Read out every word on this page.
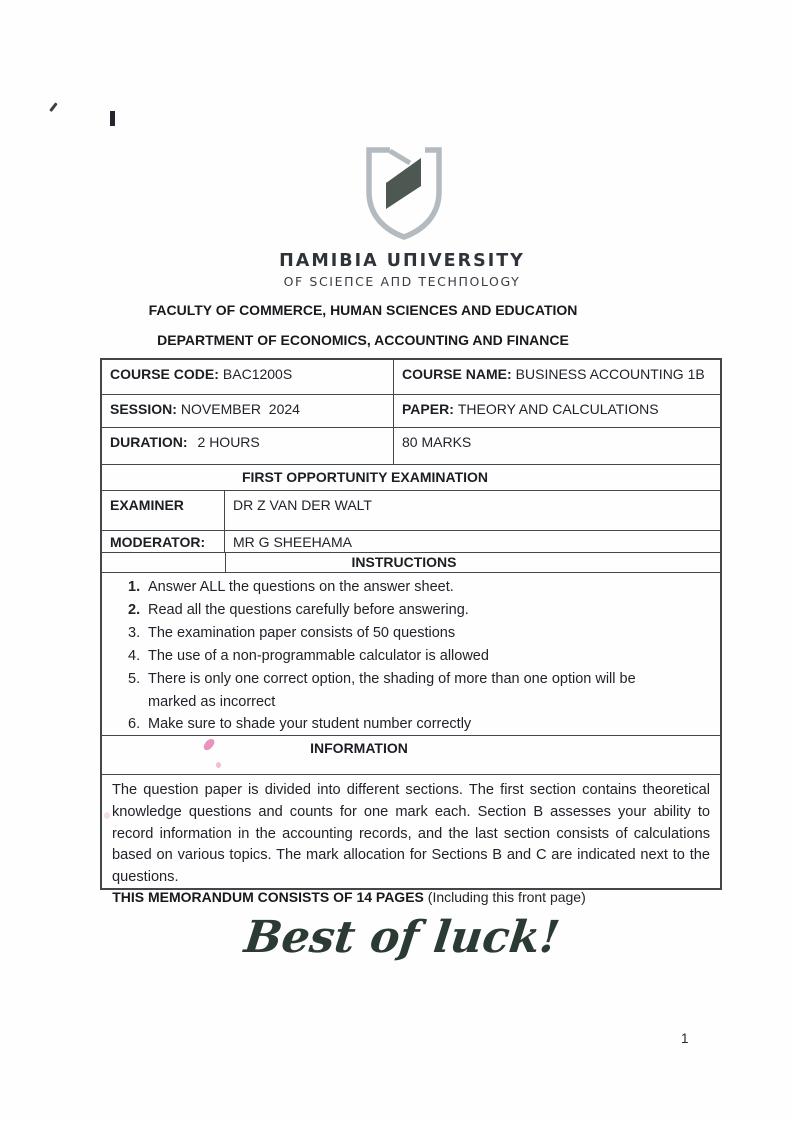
ΠAMIBIA UΠIVERSITY
OF SCIEΠCE AΠD TECHΠOLOGY
FACULTY OF COMMERCE, HUMAN SCIENCES AND EDUCATION
DEPARTMENT OF ECONOMICS, ACCOUNTING AND FINANCE
COURSE CODE: BAC1200S	COURSE NAME: BUSINESS ACCOUNTING 1B
SESSION: NOVEMBER  2024	PAPER: THEORY AND CALCULATIONS
DURATION: 2 HOURS	80 MARKS
FIRST OPPORTUNITY EXAMINATION
EXAMINER	DR Z VAN DER WALT
MODERATOR:	MR G SHEEHAMA
INSTRUCTIONS
1. Answer ALL the questions on the answer sheet.
2. Read all the questions carefully before answering.
3. The examination paper consists of 50 questions
4. The use of a non-programmable calculator is allowed
5. There is only one correct option, the shading of more than one option will be
marked as incorrect
6. Make sure to shade your student number correctly
INFORMATION
The question paper is divided into different sections. The first section contains theoretical knowledge questions and counts for one mark each. Section B assesses your ability to record information in the accounting records, and the last section consists of calculations based on various topics. The mark allocation for Sections B and C are indicated next to the questions.
THIS MEMORANDUM CONSISTS OF 14 PAGES (Including this front page)
Best of luck!
1
